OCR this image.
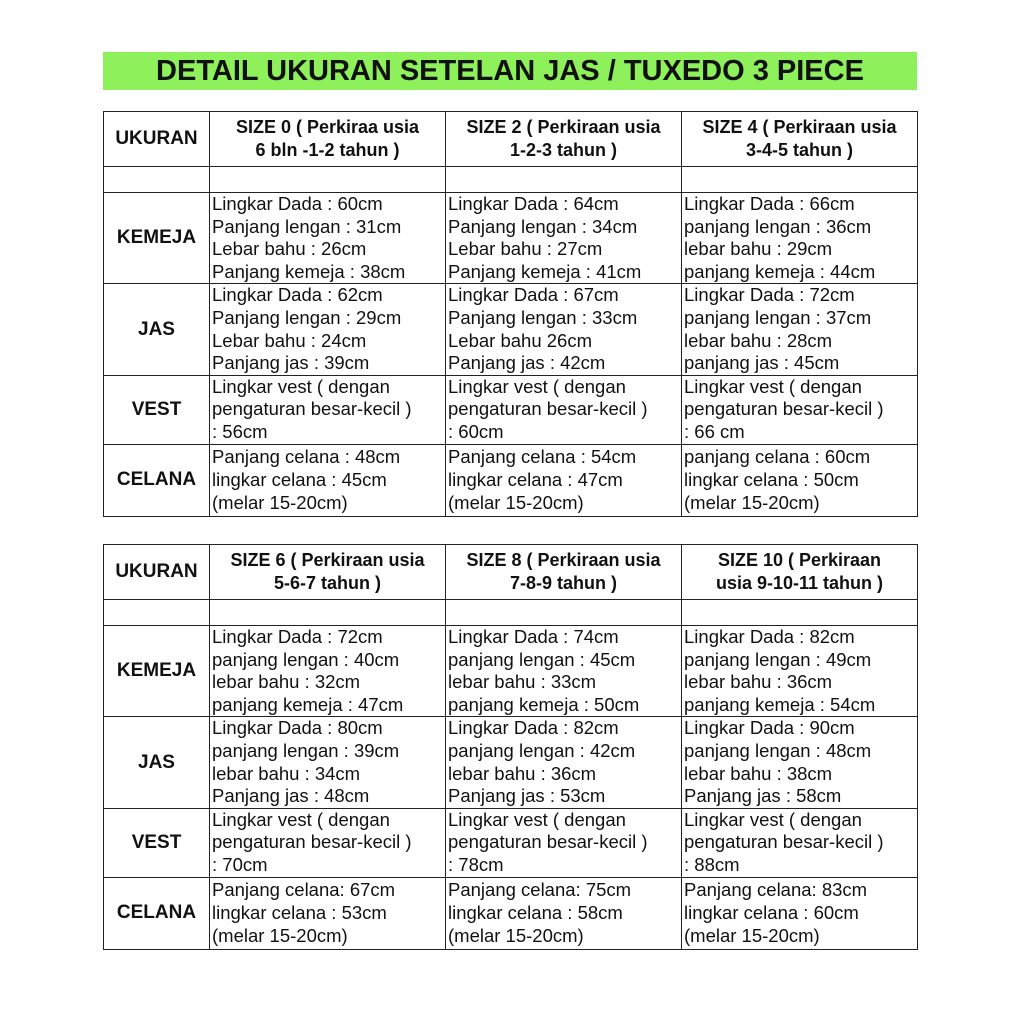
DETAIL UKURAN SETELAN JAS / TUXEDO 3 PIECE
UKURAN	SIZE 0 ( Perkiraa usia
6 bln -1-2 tahun )	SIZE 2 ( Perkiraan usia
1-2-3 tahun )	SIZE 4 ( Perkiraan usia
3-4-5 tahun )

KEMEJA	Lingkar Dada : 60cm
Panjang lengan : 31cm
Lebar bahu : 26cm
Panjang kemeja : 38cm	Lingkar Dada : 64cm
Panjang lengan : 34cm
Lebar bahu : 27cm
Panjang kemeja : 41cm	Lingkar Dada : 66cm
panjang lengan : 36cm
lebar bahu : 29cm
panjang kemeja : 44cm

JAS	Lingkar Dada : 62cm
Panjang lengan : 29cm
Lebar bahu : 24cm
Panjang jas : 39cm	Lingkar Dada : 67cm
Panjang lengan : 33cm
Lebar bahu 26cm
Panjang jas : 42cm	Lingkar Dada : 72cm
panjang lengan : 37cm
lebar bahu : 28cm
panjang jas : 45cm

VEST	Lingkar vest ( dengan
pengaturan besar-kecil )
: 56cm	Lingkar vest ( dengan
pengaturan besar-kecil )
: 60cm	Lingkar vest ( dengan
pengaturan besar-kecil )
: 66 cm

CELANA	Panjang celana : 48cm
lingkar celana : 45cm
(melar 15-20cm)	Panjang celana : 54cm
lingkar celana : 47cm
(melar 15-20cm)	panjang celana : 60cm
lingkar celana : 50cm
(melar 15-20cm)
UKURAN	SIZE 6 ( Perkiraan usia
5-6-7 tahun )	SIZE 8 ( Perkiraan usia
7-8-9 tahun )	SIZE 10 ( Perkiraan
usia 9-10-11 tahun )

KEMEJA	Lingkar Dada : 72cm
panjang lengan : 40cm
lebar bahu : 32cm
panjang kemeja : 47cm	Lingkar Dada : 74cm
panjang lengan : 45cm
lebar bahu : 33cm
panjang kemeja : 50cm	Lingkar Dada : 82cm
panjang lengan : 49cm
lebar bahu : 36cm
panjang kemeja : 54cm

JAS	Lingkar Dada : 80cm
panjang lengan : 39cm
lebar bahu : 34cm
Panjang jas : 48cm	Lingkar Dada : 82cm
panjang lengan : 42cm
lebar bahu : 36cm
Panjang jas : 53cm	Lingkar Dada : 90cm
panjang lengan : 48cm
lebar bahu : 38cm
Panjang jas : 58cm

VEST	Lingkar vest ( dengan
pengaturan besar-kecil )
: 70cm	Lingkar vest ( dengan
pengaturan besar-kecil )
: 78cm	Lingkar vest ( dengan
pengaturan besar-kecil )
: 88cm

CELANA	Panjang celana: 67cm
lingkar celana : 53cm
(melar 15-20cm)	Panjang celana: 75cm
lingkar celana : 58cm
(melar 15-20cm)	Panjang celana: 83cm
lingkar celana : 60cm
(melar 15-20cm)
